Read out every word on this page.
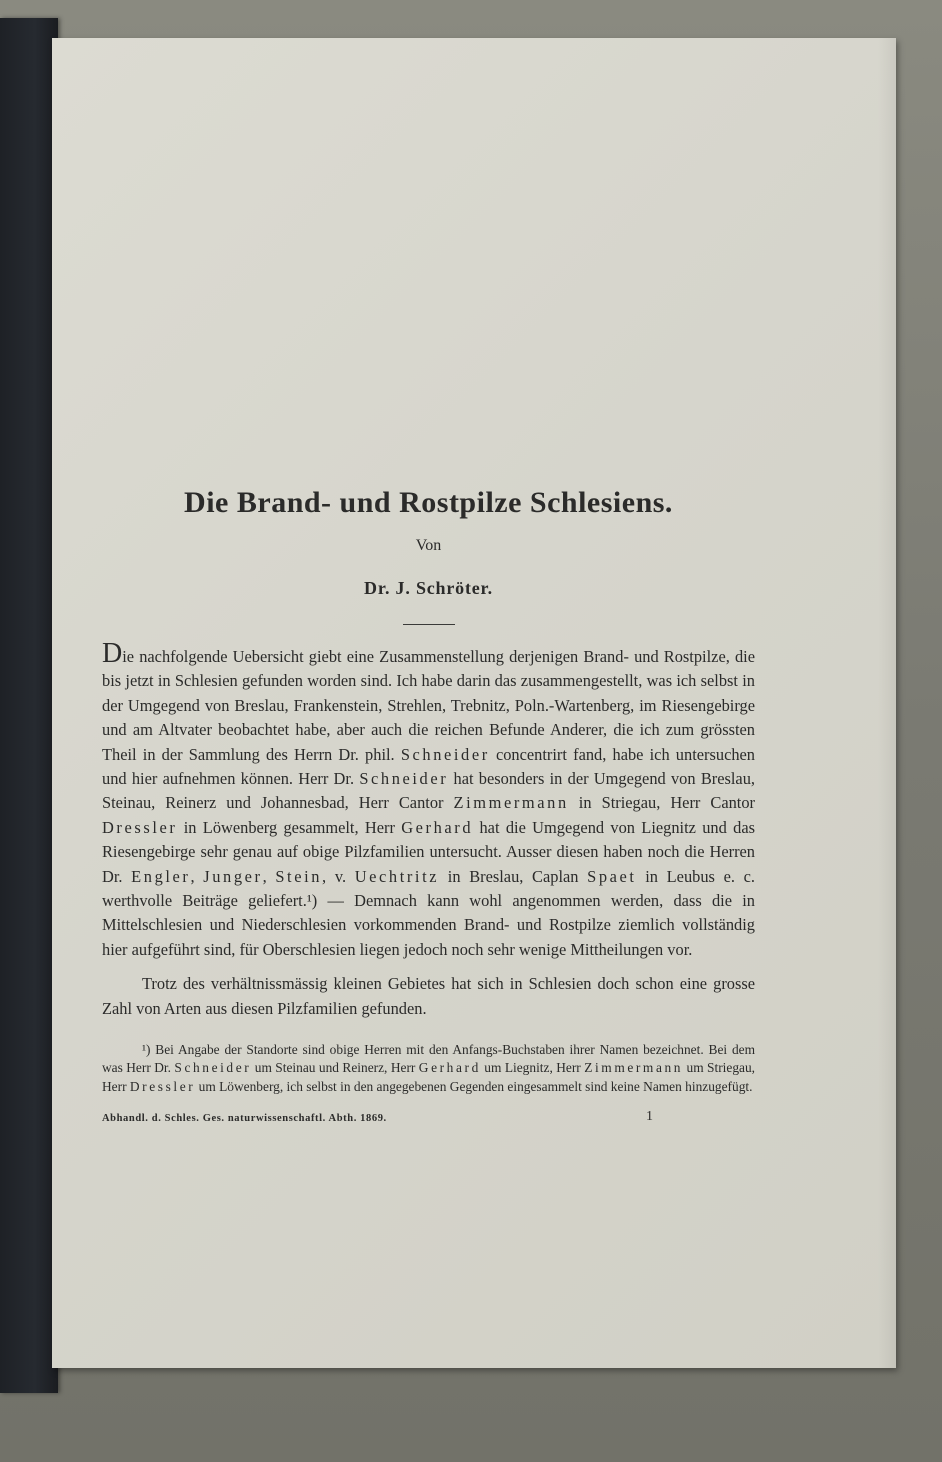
Die Brand- und Rostpilze Schlesiens.
Von
Dr. J. Schröter.

Die nachfolgende Uebersicht giebt eine Zusammenstellung derjenigen Brand- und Rostpilze, die bis jetzt in Schlesien gefunden worden sind. Ich habe darin das zusammengestellt, was ich selbst in der Umgegend von Breslau, Frankenstein, Strehlen, Trebnitz, Poln.-Wartenberg, im Riesengebirge und am Altvater beobachtet habe, aber auch die reichen Befunde Anderer, die ich zum grössten Theil in der Sammlung des Herrn Dr. phil. Schneider concentrirt fand, habe ich untersuchen und hier aufnehmen können. Herr Dr. Schneider hat besonders in der Umgegend von Breslau, Steinau, Reinerz und Johannesbad, Herr Cantor Zimmermann in Striegau, Herr Cantor Dressler in Löwenberg gesammelt, Herr Gerhard hat die Umgegend von Liegnitz und das Riesengebirge sehr genau auf obige Pilzfamilien untersucht. Ausser diesen haben noch die Herren Dr. Engler, Junger, Stein, v. Uechtritz in Breslau, Caplan Spaet in Leubus e. c. werthvolle Beiträge geliefert.¹) — Demnach kann wohl angenommen werden, dass die in Mittelschlesien und Niederschlesien vorkommenden Brand- und Rostpilze ziemlich vollständig hier aufgeführt sind, für Oberschlesien liegen jedoch noch sehr wenige Mittheilungen vor.

Trotz des verhältnissmässig kleinen Gebietes hat sich in Schlesien doch schon eine grosse Zahl von Arten aus diesen Pilzfamilien gefunden.

¹) Bei Angabe der Standorte sind obige Herren mit den Anfangs-Buchstaben ihrer Namen bezeichnet. Bei dem was Herr Dr. Schneider um Steinau und Reinerz, Herr Gerhard um Liegnitz, Herr Zimmermann um Striegau, Herr Dressler um Löwenberg, ich selbst in den angegebenen Gegenden eingesammelt sind keine Namen hinzugefügt.

Abhandl. d. Schles. Ges. naturwissenschaftl. Abth. 1869.	1
